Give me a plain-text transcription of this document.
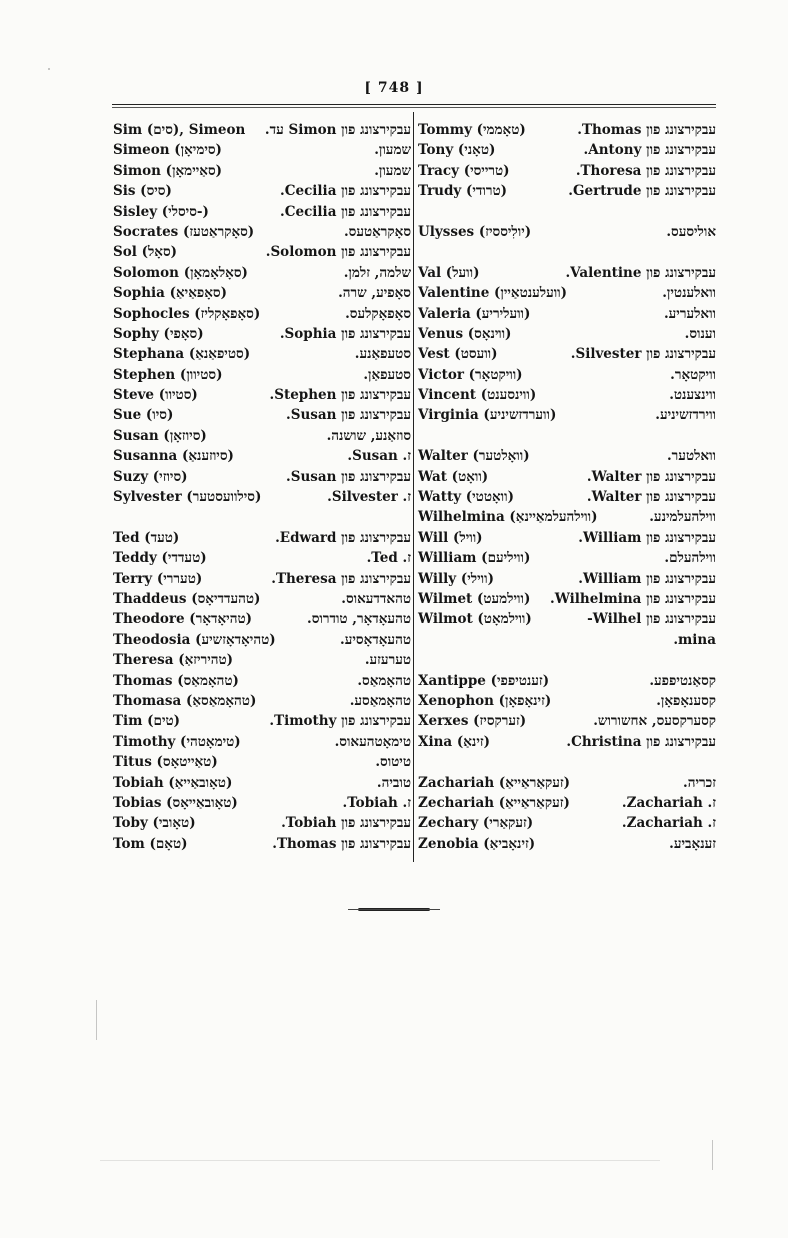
[ 748 ]
Sim (סים), Simeon עבקירצונג פון Simon עד.
Simeon (סימיאָן)	שמעון.
Simon (סאַיימאָן)	שמעון.
Sis (סיס)	עבקירצונג פון Cecilia.
Sisley (סיסלי-)	עבקירצונג פון Cecilia.
Socrates (סאָקראַטעז)	סאָקראַטעס.
Sol (סאָל)	עבקירצונג פון Solomon.
Solomon (סאָלאָמאָן)	שלמה, זלמן.
Sophia (סאָפאַיאַ)	סאָפיע, שרה.
Sophocles (סאָפאָקליז)	סאָפאָקלעס.
Sophy (סאָפי)	עבקירצונג פון Sophia.
Stephana (סטיפאַנאַ)	סטעפאַנע.
Stephen (סטיוון)	סטעפאַן.
Steve (סטיוו)	עבקירצונג פון Stephen.
Sue (סיו)	עבקירצונג פון Susan.
Susan (סיוזאָן)	סוזאַנע, שושנה.
Susanna (סיוזענאַ)	ז. Susan.
Suzy (סיוזי)	עבקירצונג פון Susan.
Sylvester (סילוועסטער)	ז. Silvester.
Ted (טעד)	עבקירצונג פון Edward.
Teddy (טעדדי)	ז. Ted.
Terry (טעררי)	עבקירצונג פון Theresa.
Thaddeus (טהעדדיאָס)	טהאדדעאוס.
Theodore (טהיאָדאָר)	טהעאָדאָר, טודרוס.
Theodosia (טהיאָדאָזשיע)	טהעאָדאָסיע.
Theresa (טהיריזאַ)	טערעזע.
Thomas (טהאָמאַס)	טהאָמאַס.
Thomasa (טהאָמאַסאַ)	טהאָמאַסע.
Tim (טים)	עבקירצונג פון Timothy.
Timothy (טימאָטהי)	טימאָטהעאוס.
Titus (טאַייטאָס)	טיטוס.
Tobiah (טאָובאַייאַ)	טוביה.
Tobias (טאָובאַייאָס)	ז. Tobiah.
Toby (טאָובי)	עבקירצונג פון Tobiah.
Tom (טאָם)	עבקירצונג פון Thomas.
Tommy (טאָממי)	עבקירצונג פון Thomas.
Tony (טאָני)	עבקירצונג פון Antony.
Tracy (טרייסי)	עבקירצונג פון Thoresa.
Trudy (טרודי)	עבקירצונג פון Gertrude.
Ulysses (יולִיססיז)	אוליסעס.
Val (וועל)	עבקירצונג פון Valentine.
Valentine (וועלענטאַיין)	וואלענטין.
Valeria (וועליריע)	וואלעריע.
Venus (וױנאָס)	וענוס.
Vest (וועסט)	עבקירצונג פון Silvester.
Victor (וויקטאָר)	וויקטאָר.
Vincent (ווינסענט)	ווינצענט.
Virginia (ווערדזשיניע)	ווירדזשיניע.
Walter (וואָלטער)	וואלטער.
Wat (וואָט)	עבקירצונג פון Walter.
Watty (וואָטטי)	עבקירצונג פון Walter.
Wilhelmina (ווילהעלמאַיינאַ)	ווילהעלמינע.
Will (וויל)	עבקירצונג פון William.
William (וויליעם)	ווילהעלם.
Willy (ווילי)	עבקירצונג פון William.
Wilmet (ווילמעט) עבקירצונג פון Wilhelmina.
Wilmot (ווילמאָט)	עבקירצונג פון Wilhel-
mina.
Xantippe (זענטיפפי)	קסאַנטיפפע.
Xenophon (זינאָפאָן)	קסענאָפאָן.
Xerxes (זערקסיז)	קסערקסעס, אחשורוש.
Xina (זינאַ)	עבקירצונג פון Christina.
Zachariah (זעקאַראַייאַ)	זכריה.
Zechariah (זעקאַראַייאַ)	ז. Zachariah.
Zechary (זעקאַרי)	ז. Zachariah.
Zenobia (זינאָביאַ)	זענאָביע.
